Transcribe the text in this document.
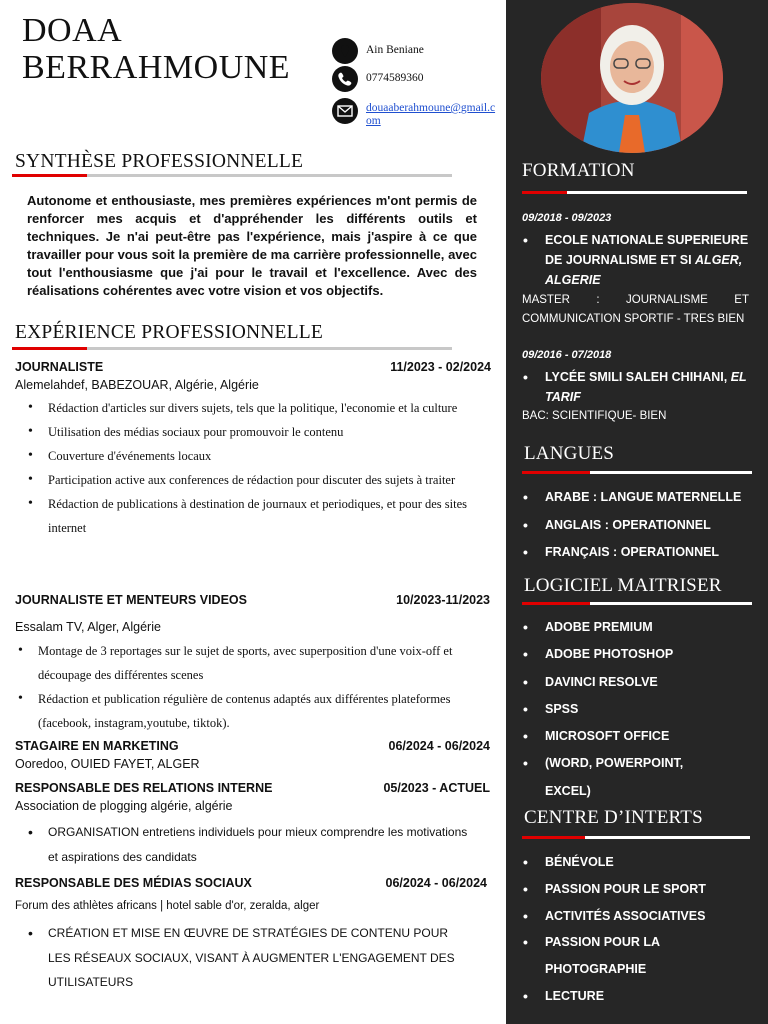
DOAA
BERRAHMOUNE	Ain Beniane
0774589360
douaaberahmoune@gmail.com
SYNTHÈSE PROFESSIONNELLE
Autonome et enthousiaste, mes premières expériences m'ont permis de renforcer mes acquis et d'appréhender les différents outils et techniques. Je n'ai peut-être pas l'expérience, mais j'aspire à ce que travailler pour vous soit la première de ma carrière professionnelle, avec tout l'enthousiasme que j'ai pour le travail et l'excellence. Avec des réalisations cohérentes avec votre vision et vos objectifs.
EXPÉRIENCE PROFESSIONNELLE
JOURNALISTE	11/2023 - 02/2024
Alemelahdef, BABEZOUAR, Algérie, Algérie
• Rédaction d'articles sur divers sujets, tels que la politique, l'economie et la culture
• Utilisation des médias sociaux pour promouvoir le contenu
• Couverture d'événements locaux
• Participation active aux conferences de rédaction pour discuter des sujets à traiter
• Rédaction de publications à destination de journaux et periodiques, et pour des sites internet
JOURNALISTE ET MENTEURS VIDEOS	10/2023-11/2023
Essalam TV, Alger, Algérie
• Montage de 3 reportages sur le sujet de sports, avec superposition d'une voix-off et découpage des différentes scenes
• Rédaction et publication régulière de contenus adaptés aux différentes plateformes (facebook, instagram,youtube, tiktok).
STAGAIRE EN MARKETING	06/2024 - 06/2024
Ooredoo, OUIED FAYET, ALGER
RESPONSABLE DES RELATIONS INTERNE	05/2023 - ACTUEL
Association de plogging algérie, algérie
• ORGANISATION entretiens individuels pour mieux comprendre les motivations et aspirations des candidats
RESPONSABLE DES MÉDIAS SOCIAUX	06/2024 - 06/2024
Forum des athlètes africans | hotel sable d'or, zeralda, alger
• CRÉATION ET MISE EN ŒUVRE DE STRATÉGIES DE CONTENU POUR LES RÉSEAUX SOCIAUX, VISANT À AUGMENTER L'ENGAGEMENT DES UTILISATEURS
FORMATION
09/2018 - 09/2023
• ECOLE NATIONALE SUPERIEURE DE JOURNALISME ET SI ALGER, ALGERIE
MASTER : JOURNALISME ET COMMUNICATION SPORTIF - TRES BIEN
09/2016 - 07/2018
• LYCÉE SMILI SALEH CHIHANI, EL TARIF
BAC: SCIENTIFIQUE- BIEN
LANGUES
• ARABE : LANGUE MATERNELLE
• ANGLAIS : OPERATIONNEL
• FRANÇAIS : OPERATIONNEL
LOGICIEL MAITRISER
• ADOBE PREMIUM
• ADOBE PHOTOSHOP
• DAVINCI RESOLVE
• SPSS
• MICROSOFT OFFICE
• (WORD, POWERPOINT, EXCEL)
CENTRE D’INTERTS
• BÉNÉVOLE
• PASSION POUR LE SPORT
• ACTIVITÉS ASSOCIATIVES
• PASSION POUR LA PHOTOGRAPHIE
• LECTURE
